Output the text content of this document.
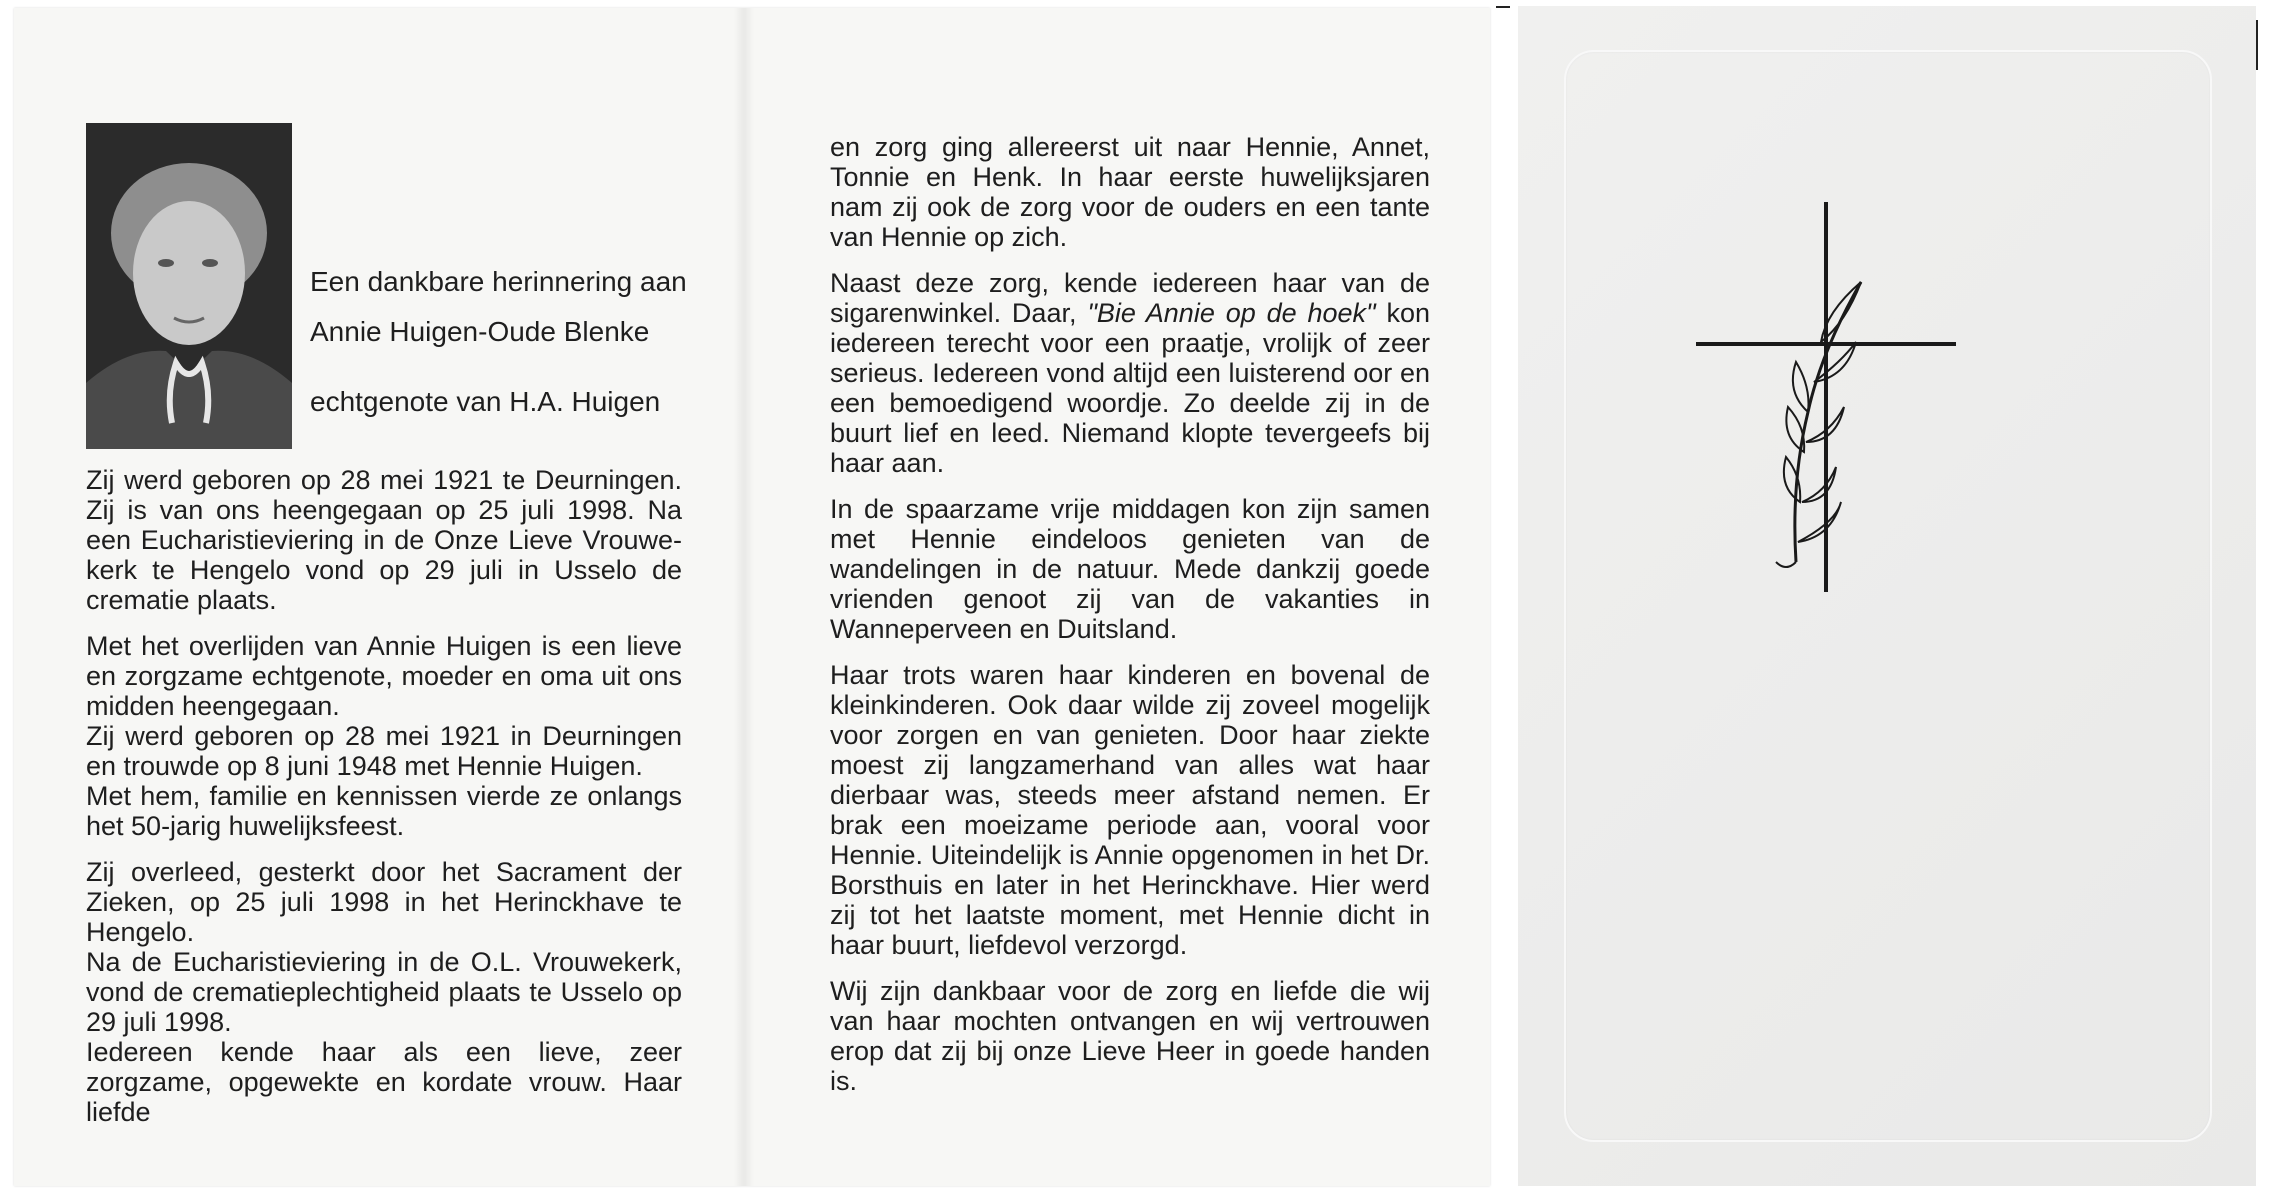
Een dankbare herinnering aan
Annie Huigen-Oude Blenke
echtgenote van H.A. Huigen

Zij werd geboren op 28 mei 1921 te Deurningen. Zij is van ons heengegaan op 25 juli 1998. Na een Eucharistieviering in de Onze Lieve Vrouwe-kerk te Hengelo vond op 29 juli in Usselo de crematie plaats.

Met het overlijden van Annie Huigen is een lieve en zorgzame echtgenote, moeder en oma uit ons midden heengegaan.

Zij werd geboren op 28 mei 1921 in Deurningen en trouwde op 8 juni 1948 met Hennie Huigen.

Met hem, familie en kennissen vierde ze onlangs het 50-jarig huwelijksfeest.

Zij overleed, gesterkt door het Sacrament der Zieken, op 25 juli 1998 in het Herinckhave te Hengelo.

Na de Eucharistieviering in de O.L. Vrouwekerk, vond de crematieplechtigheid plaats te Usselo op 29 juli 1998.

Iedereen kende haar als een lieve, zeer zorgzame, opgewekte en kordate vrouw. Haar liefde

en zorg ging allereerst uit naar Hennie, Annet, Tonnie en Henk. In haar eerste huwelijksjaren nam zij ook de zorg voor de ouders en een tante van Hennie op zich.

Naast deze zorg, kende iedereen haar van de sigarenwinkel. Daar, "Bie Annie op de hoek" kon iedereen terecht voor een praatje, vrolijk of zeer serieus. Iedereen vond altijd een luisterend oor en een bemoedigend woordje. Zo deelde zij in de buurt lief en leed. Niemand klopte tevergeefs bij haar aan.

In de spaarzame vrije middagen kon zijn samen met Hennie eindeloos genieten van de wandelingen in de natuur. Mede dankzij goede vrienden genoot zij van de vakanties in Wanneperveen en Duitsland.

Haar trots waren haar kinderen en bovenal de kleinkinderen. Ook daar wilde zij zoveel mogelijk voor zorgen en van genieten. Door haar ziekte moest zij langzamerhand van alles wat haar dierbaar was, steeds meer afstand nemen. Er brak een moeizame periode aan, vooral voor Hennie. Uiteindelijk is Annie opgenomen in het Dr. Borsthuis en later in het Herinckhave. Hier werd zij tot het laatste moment, met Hennie dicht in haar buurt, liefdevol verzorgd.

Wij zijn dankbaar voor de zorg en liefde die wij van haar mochten ontvangen en wij vertrouwen erop dat zij bij onze Lieve Heer in goede handen is.
